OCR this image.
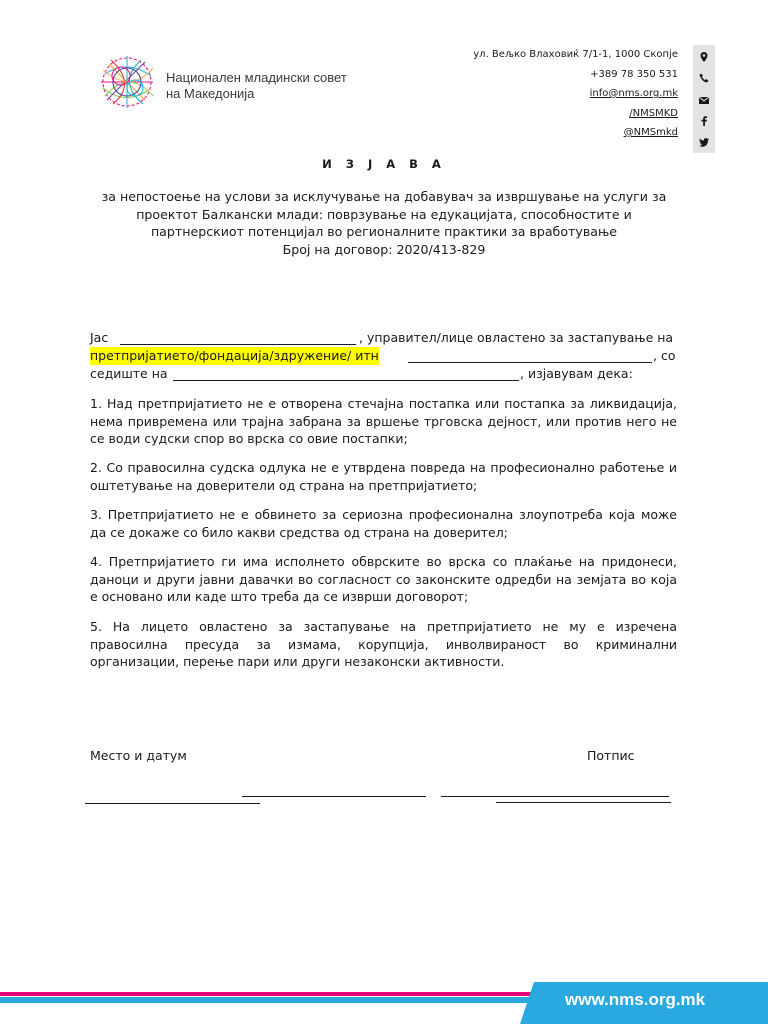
Национален младински совет
на Македонија
ул. Вељко Влаховиќ 7/1-1, 1000 Скопје
+389 78 350 531
info@nms.org.mk
/NMSMKD
@NMSmkd
И З Ј А В А
за непостоење на услови за исклучување на добавувач за извршување на услуги за
проектот Балкански млади: поврзување на едукацијата, способностите и
партнерскиот потенцијал во регионалните практики за вработување
Број на договор: 2020/413-829
Јас	, управител/лице овластено за застапување на
претпријатието/фондација/здружение/ итн	, со
седиште на	, изјавувам дека:
1. Над претпријатието не е отворена стечајна постапка или постапка за ликвидација, нема привремена или трајна забрана за вршење трговска дејност, или против него не се води судски спор во врска со овие постапки;
2. Со правосилна судска одлука не е утврдена повреда на професионално работење и оштетување на доверители од страна на претпријатието;
3. Претпријатието не е обвинето за сериозна професионална злоупотреба која може да се докаже со било какви средства од страна на доверител;
4. Претпријатието ги има исполнето обврските во врска со плаќање на придонеси, даноци и други јавни давачки во согласност со законските одредби на земјата во која е основано или каде што треба да се изврши договорот;
5. На лицето овластено за застапување на претпријатието не му е изречена правосилна пресуда за измама, корупција, инволвираност во криминални организации, перење пари или други незаконски активности.
Место и датум	Потпис
www.nms.org.mk
